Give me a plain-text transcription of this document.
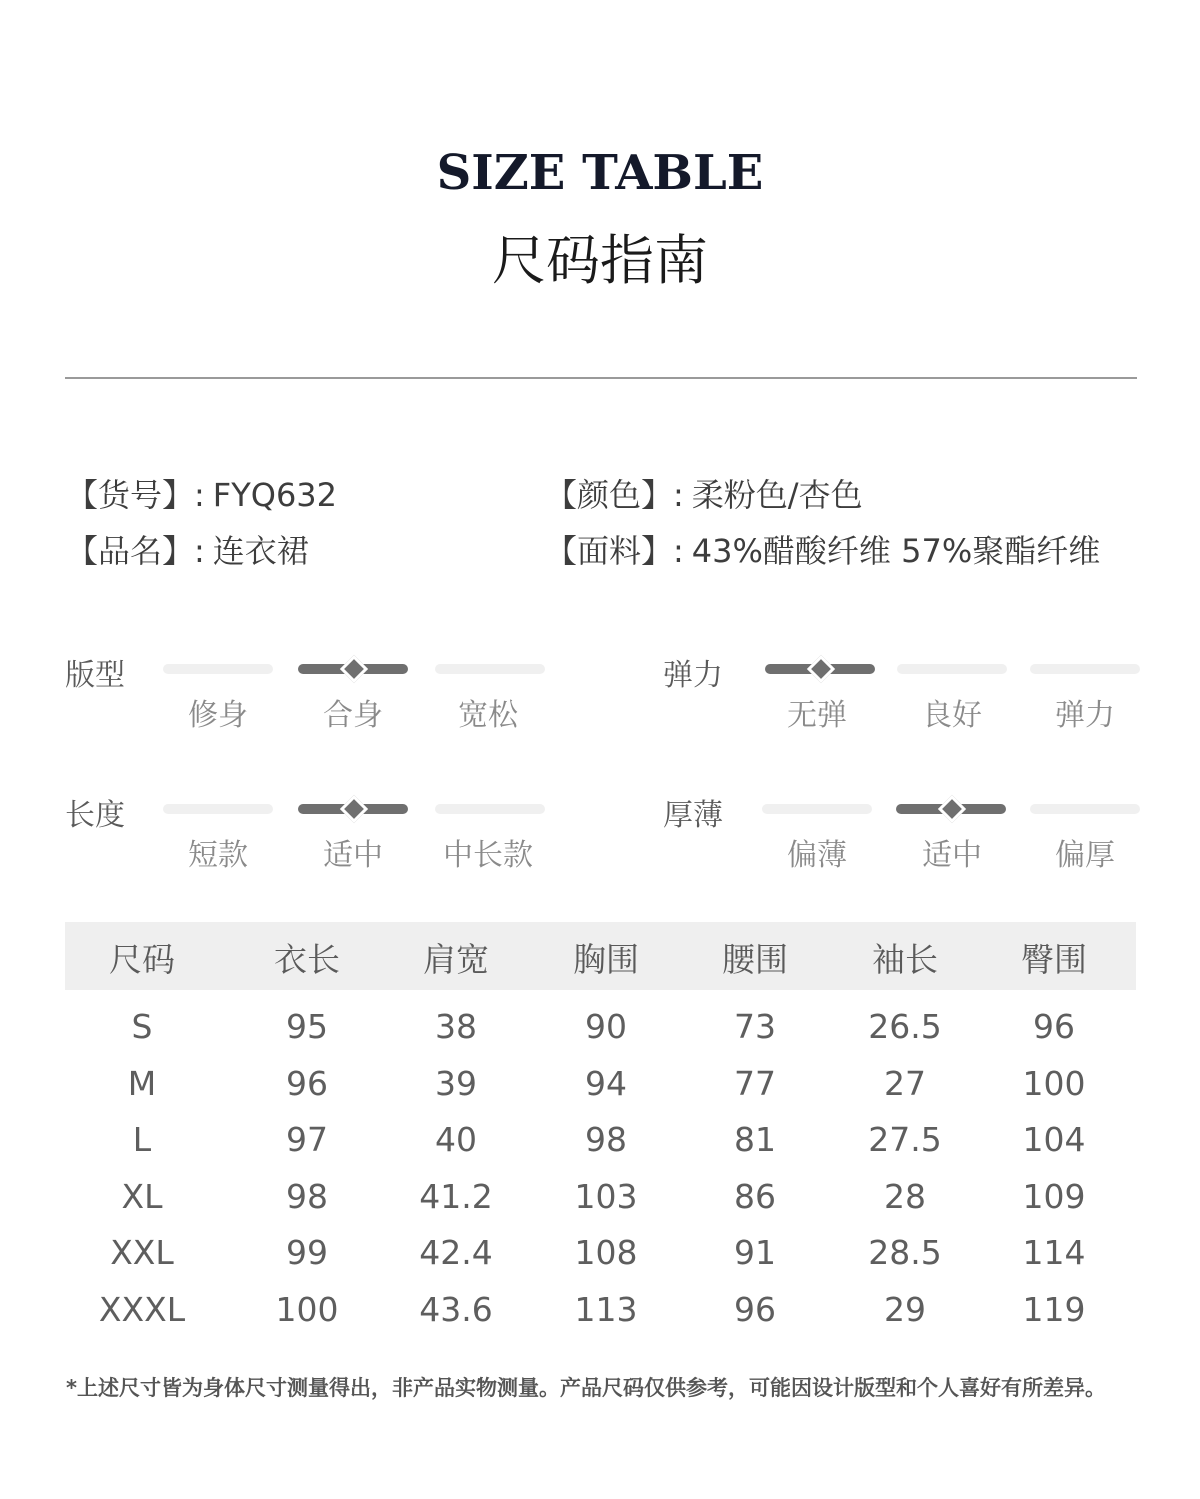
SIZE TABLE
尺码指南
【货号】: FYQ632
【品名】: 连衣裙
【颜色】: 柔粉色/杏色
【面料】: 43%醋酸纤维 57%聚酯纤维
版型
修身	合身	宽松
弹力
无弹	良好	弹力
长度
短款	适中	中长款
厚薄
偏薄	适中	偏厚
尺码	衣长	肩宽	胸围	腰围	袖长	臀围
S	95	38	90	73	26.5	96
M	96	39	94	77	27	100
L	97	40	98	81	27.5	104
XL	98	41.2	103	86	28	109
XXL	99	42.4	108	91	28.5	114
XXXL	100	43.6	113	96	29	119
*上述尺寸皆为身体尺寸测量得出，非产品实物测量。产品尺码仅供参考，可能因设计版型和个人喜好有所差异。
